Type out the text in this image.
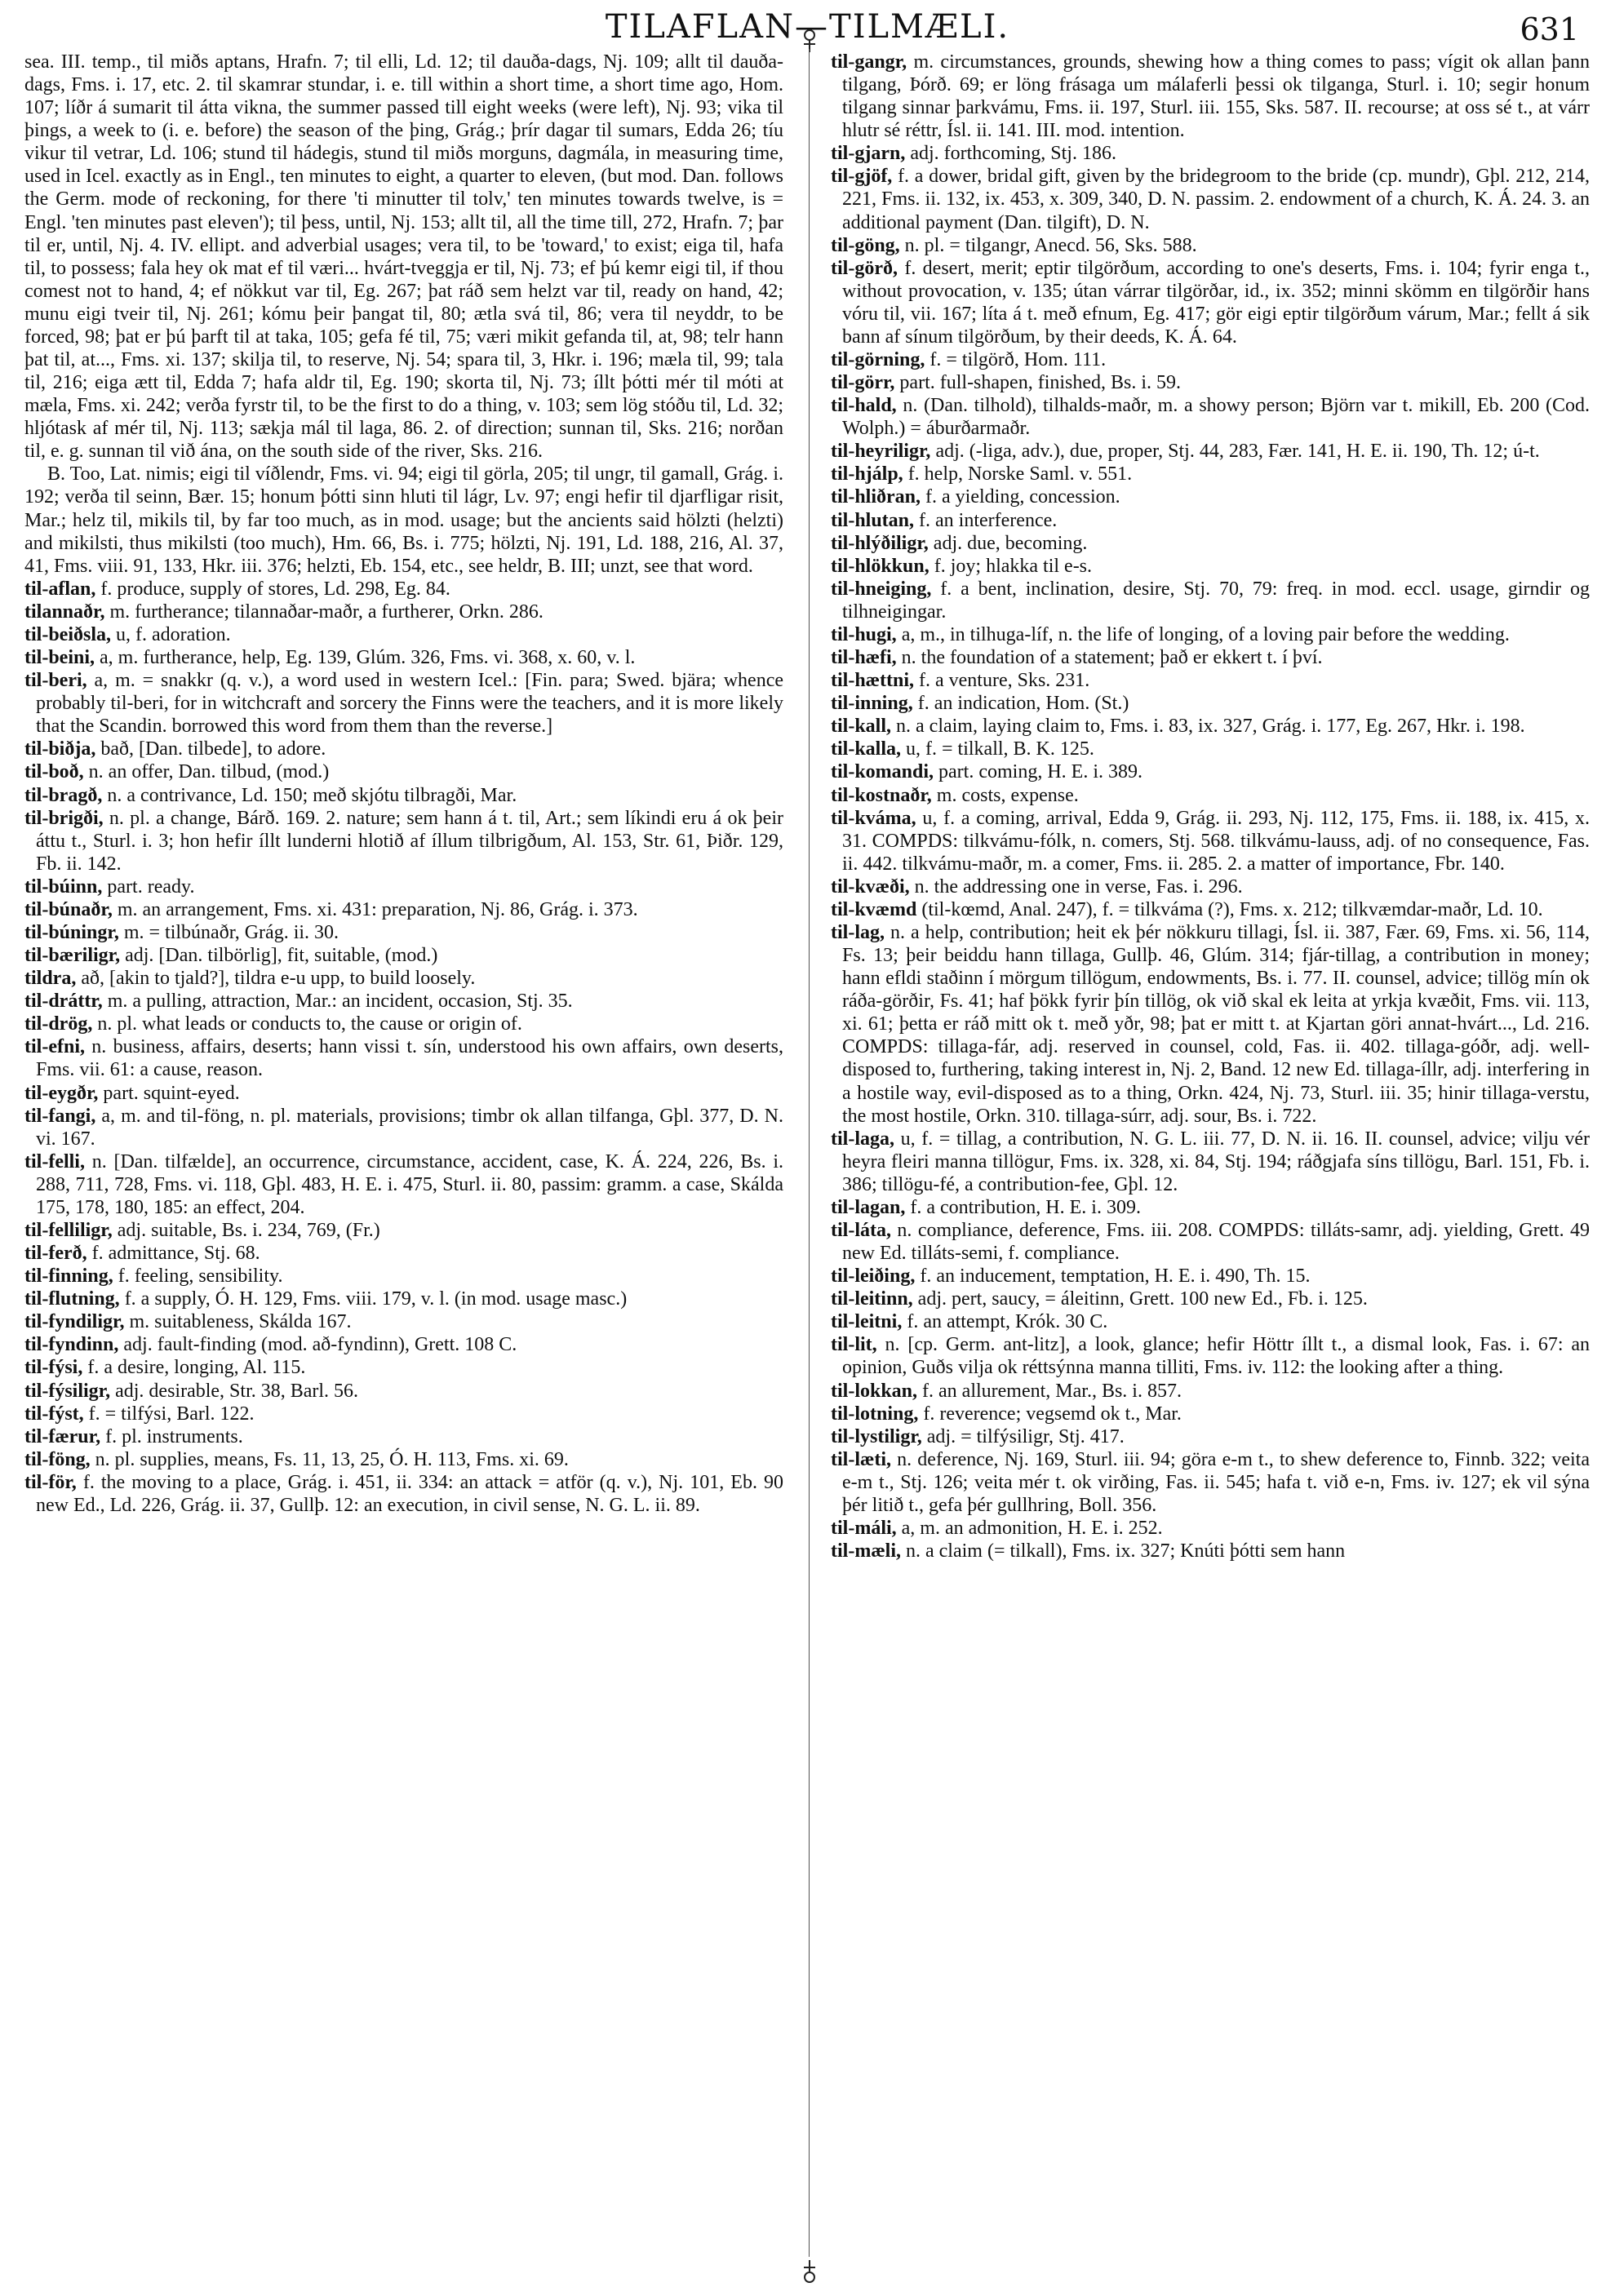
TILAFLAN—TILMÆLI.	631

sea. III. temp., til miðs aptans, Hrafn. 7; til elli, Ld. 12; til dauða-dags, Nj. 109; allt til dauða-dags, Fms. i. 17, etc. 2. til skamrar stundar, i. e. till within a short time, a short time ago, Hom. 107; líðr á sumarit til átta vikna, the summer passed till eight weeks (were left), Nj. 93; vika til þings, a week to (i. e. before) the season of the þing, Grág.; þrír dagar til sumars, Edda 26; tíu vikur til vetrar, Ld. 106; stund til hádegis, stund til miðs morguns, dagmála, in measuring time, used in Icel. exactly as in Engl., ten minutes to eight, a quarter to eleven, (but mod. Dan. follows the Germ. mode of reckoning, for there 'ti minutter til tolv,' ten minutes towards twelve, is = Engl. 'ten minutes past eleven'); til þess, until, Nj. 153; allt til, all the time till, 272, Hrafn. 7; þar til er, until, Nj. 4. IV. ellipt. and adverbial usages; vera til, to be 'toward,' to exist; eiga til, hafa til, to possess; fala hey ok mat ef til væri... hvárt-tveggja er til, Nj. 73; ef þú kemr eigi til, if thou comest not to hand, 4; ef nökkut var til, Eg. 267; þat ráð sem helzt var til, ready on hand, 42; munu eigi tveir til, Nj. 261; kómu þeir þangat til, 80; ætla svá til, 86; vera til neyddr, to be forced, 98; þat er þú þarft til at taka, 105; gefa fé til, 75; væri mikit gefanda til, at, 98; telr hann þat til, at..., Fms. xi. 137; skilja til, to reserve, Nj. 54; spara til, 3, Hkr. i. 196; mæla til, 99; tala til, 216; eiga ætt til, Edda 7; hafa aldr til, Eg. 190; skorta til, Nj. 73; íllt þótti mér til móti at mæla, Fms. xi. 242; verða fyrstr til, to be the first to do a thing, v. 103; sem lög stóðu til, Ld. 32; hljótask af mér til, Nj. 113; sækja mál til laga, 86. 2. of direction; sunnan til, Sks. 216; norðan til, e. g. sunnan til við ána, on the south side of the river, Sks. 216.

B. Too, Lat. nimis; eigi til víðlendr, Fms. vi. 94; eigi til görla, 205; til ungr, til gamall, Grág. i. 192; verða til seinn, Bær. 15; honum þótti sinn hluti til lágr, Lv. 97; engi hefir til djarfligar risit, Mar.; helz til, mikils til, by far too much, as in mod. usage; but the ancients said hölzti (helzti) and mikilsti, thus mikilsti (too much), Hm. 66, Bs. i. 775; hölzti, Nj. 191, Ld. 188, 216, Al. 37, 41, Fms. viii. 91, 133, Hkr. iii. 376; helzti, Eb. 154, etc., see heldr, B. III; unzt, see that word.

til-aflan, f. produce, supply of stores, Ld. 298, Eg. 84.

tilannaðr, m. furtherance; tilannaðar-maðr, a furtherer, Orkn. 286.

til-beiðsla, u, f. adoration.

til-beini, a, m. furtherance, help, Eg. 139, Glúm. 326, Fms. vi. 368, x. 60, v. l.

til-beri, a, m. = snakkr (q. v.), a word used in western Icel.: [Fin. para; Swed. bjära; whence probably til-beri, for in witchcraft and sorcery the Finns were the teachers, and it is more likely that the Scandin. borrowed this word from them than the reverse.]

til-biðja, bað, [Dan. tilbede], to adore.

til-boð, n. an offer, Dan. tilbud, (mod.)

til-bragð, n. a contrivance, Ld. 150; með skjótu tilbragði, Mar.

til-brigði, n. pl. a change, Bárð. 169. 2. nature; sem hann á t. til, Art.; sem líkindi eru á ok þeir áttu t., Sturl. i. 3; hon hefir íllt lunderni hlotið af íllum tilbrigðum, Al. 153, Str. 61, Þiðr. 129, Fb. ii. 142.

til-búinn, part. ready.

til-búnaðr, m. an arrangement, Fms. xi. 431: preparation, Nj. 86, Grág. i. 373.

til-búningr, m. = tilbúnaðr, Grág. ii. 30.

til-bæriligr, adj. [Dan. tilbörlig], fit, suitable, (mod.)

tildra, að, [akin to tjald?], tildra e-u upp, to build loosely.

til-dráttr, m. a pulling, attraction, Mar.: an incident, occasion, Stj. 35.

til-drög, n. pl. what leads or conducts to, the cause or origin of.

til-efni, n. business, affairs, deserts; hann vissi t. sín, understood his own affairs, own deserts, Fms. vii. 61: a cause, reason.

til-eygðr, part. squint-eyed.

til-fangi, a, m. and til-föng, n. pl. materials, provisions; timbr ok allan tilfanga, Gþl. 377, D. N. vi. 167.

til-felli, n. [Dan. tilfælde], an occurrence, circumstance, accident, case, K. Á. 224, 226, Bs. i. 288, 711, 728, Fms. vi. 118, Gþl. 483, H. E. i. 475, Sturl. ii. 80, passim: gramm. a case, Skálda 175, 178, 180, 185: an effect, 204.

til-felliligr, adj. suitable, Bs. i. 234, 769, (Fr.)

til-ferð, f. admittance, Stj. 68.

til-finning, f. feeling, sensibility.

til-flutning, f. a supply, Ó. H. 129, Fms. viii. 179, v. l. (in mod. usage masc.)

til-fyndiligr, m. suitableness, Skálda 167.

til-fyndinn, adj. fault-finding (mod. að-fyndinn), Grett. 108 C.

til-fýsi, f. a desire, longing, Al. 115.

til-fýsiligr, adj. desirable, Str. 38, Barl. 56.

til-fýst, f. = tilfýsi, Barl. 122.

til-færur, f. pl. instruments.

til-föng, n. pl. supplies, means, Fs. 11, 13, 25, Ó. H. 113, Fms. xi. 69.

til-för, f. the moving to a place, Grág. i. 451, ii. 334: an attack = atför (q. v.), Nj. 101, Eb. 90 new Ed., Ld. 226, Grág. ii. 37, Gullþ. 12: an execution, in civil sense, N. G. L. ii. 89.

til-gangr, m. circumstances, grounds, shewing how a thing comes to pass; vígit ok allan þann tilgang, Þórð. 69; er löng frásaga um málaferli þessi ok tilganga, Sturl. i. 10; segir honum tilgang sinnar þarkvámu, Fms. ii. 197, Sturl. iii. 155, Sks. 587. II. recourse; at oss sé t., at várr hlutr sé réttr, Ísl. ii. 141. III. mod. intention.

til-gjarn, adj. forthcoming, Stj. 186.

til-gjöf, f. a dower, bridal gift, given by the bridegroom to the bride (cp. mundr), Gþl. 212, 214, 221, Fms. ii. 132, ix. 453, x. 309, 340, D. N. passim. 2. endowment of a church, K. Á. 24. 3. an additional payment (Dan. tilgift), D. N.

til-göng, n. pl. = tilgangr, Anecd. 56, Sks. 588.

til-görð, f. desert, merit; eptir tilgörðum, according to one's deserts, Fms. i. 104; fyrir enga t., without provocation, v. 135; útan várrar tilgörðar, id., ix. 352; minni skömm en tilgörðir hans vóru til, vii. 167; líta á t. með efnum, Eg. 417; gör eigi eptir tilgörðum várum, Mar.; fellt á sik bann af sínum tilgörðum, by their deeds, K. Á. 64.

til-görning, f. = tilgörð, Hom. 111.

til-görr, part. full-shapen, finished, Bs. i. 59.

til-hald, n. (Dan. tilhold), tilhalds-maðr, m. a showy person; Björn var t. mikill, Eb. 200 (Cod. Wolph.) = áburðarmaðr.

til-heyriligr, adj. (-liga, adv.), due, proper, Stj. 44, 283, Fær. 141, H. E. ii. 190, Th. 12; ú-t.

til-hjálp, f. help, Norske Saml. v. 551.

til-hliðran, f. a yielding, concession.

til-hlutan, f. an interference.

til-hlýðiligr, adj. due, becoming.

til-hlökkun, f. joy; hlakka til e-s.

til-hneiging, f. a bent, inclination, desire, Stj. 70, 79: freq. in mod. eccl. usage, girndir og tilhneigingar.

til-hugi, a, m., in tilhuga-líf, n. the life of longing, of a loving pair before the wedding.

til-hæfi, n. the foundation of a statement; það er ekkert t. í því.

til-hættni, f. a venture, Sks. 231.

til-inning, f. an indication, Hom. (St.)

til-kall, n. a claim, laying claim to, Fms. i. 83, ix. 327, Grág. i. 177, Eg. 267, Hkr. i. 198.

til-kalla, u, f. = tilkall, B. K. 125.

til-komandi, part. coming, H. E. i. 389.

til-kostnaðr, m. costs, expense.

til-kváma, u, f. a coming, arrival, Edda 9, Grág. ii. 293, Nj. 112, 175, Fms. ii. 188, ix. 415, x. 31. COMPDS: tilkvámu-fólk, n. comers, Stj. 568. tilkvámu-lauss, adj. of no consequence, Fas. ii. 442. tilkvámu-maðr, m. a comer, Fms. ii. 285. 2. a matter of importance, Fbr. 140.

til-kvæði, n. the addressing one in verse, Fas. i. 296.

til-kvæmd (til-kœmd, Anal. 247), f. = tilkváma (?), Fms. x. 212; tilkvæmdar-maðr, Ld. 10.

til-lag, n. a help, contribution; heit ek þér nökkuru tillagi, Ísl. ii. 387, Fær. 69, Fms. xi. 56, 114, Fs. 13; þeir beiddu hann tillaga, Gullþ. 46, Glúm. 314; fjár-tillag, a contribution in money; hann efldi staðinn í mörgum tillögum, endowments, Bs. i. 77. II. counsel, advice; tillög mín ok ráða-görðir, Fs. 41; haf þökk fyrir þín tillög, ok við skal ek leita at yrkja kvæðit, Fms. vii. 113, xi. 61; þetta er ráð mitt ok t. með yðr, 98; þat er mitt t. at Kjartan göri annat-hvárt..., Ld. 216. COMPDS: tillaga-fár, adj. reserved in counsel, cold, Fas. ii. 402. tillaga-góðr, adj. well-disposed to, furthering, taking interest in, Nj. 2, Band. 12 new Ed. tillaga-íllr, adj. interfering in a hostile way, evil-disposed as to a thing, Orkn. 424, Nj. 73, Sturl. iii. 35; hinir tillaga-verstu, the most hostile, Orkn. 310. tillaga-súrr, adj. sour, Bs. i. 722.

til-laga, u, f. = tillag, a contribution, N. G. L. iii. 77, D. N. ii. 16. II. counsel, advice; vilju vér heyra fleiri manna tillögur, Fms. ix. 328, xi. 84, Stj. 194; ráðgjafa síns tillögu, Barl. 151, Fb. i. 386; tillögu-fé, a contribution-fee, Gþl. 12.

til-lagan, f. a contribution, H. E. i. 309.

til-láta, n. compliance, deference, Fms. iii. 208. COMPDS: tilláts-samr, adj. yielding, Grett. 49 new Ed. tilláts-semi, f. compliance.

til-leiðing, f. an inducement, temptation, H. E. i. 490, Th. 15.

til-leitinn, adj. pert, saucy, = áleitinn, Grett. 100 new Ed., Fb. i. 125.

til-leitni, f. an attempt, Krók. 30 C.

til-lit, n. [cp. Germ. ant-litz], a look, glance; hefir Höttr íllt t., a dismal look, Fas. i. 67: an opinion, Guðs vilja ok réttsýnna manna tilliti, Fms. iv. 112: the looking after a thing.

til-lokkan, f. an allurement, Mar., Bs. i. 857.

til-lotning, f. reverence; vegsemd ok t., Mar.

til-lystiligr, adj. = tilfýsiligr, Stj. 417.

til-læti, n. deference, Nj. 169, Sturl. iii. 94; göra e-m t., to shew deference to, Finnb. 322; veita e-m t., Stj. 126; veita mér t. ok virðing, Fas. ii. 545; hafa t. við e-n, Fms. iv. 127; ek vil sýna þér litið t., gefa þér gullhring, Boll. 356.

til-máli, a, m. an admonition, H. E. i. 252.

til-mæli, n. a claim (= tilkall), Fms. ix. 327; Knúti þótti sem hann
